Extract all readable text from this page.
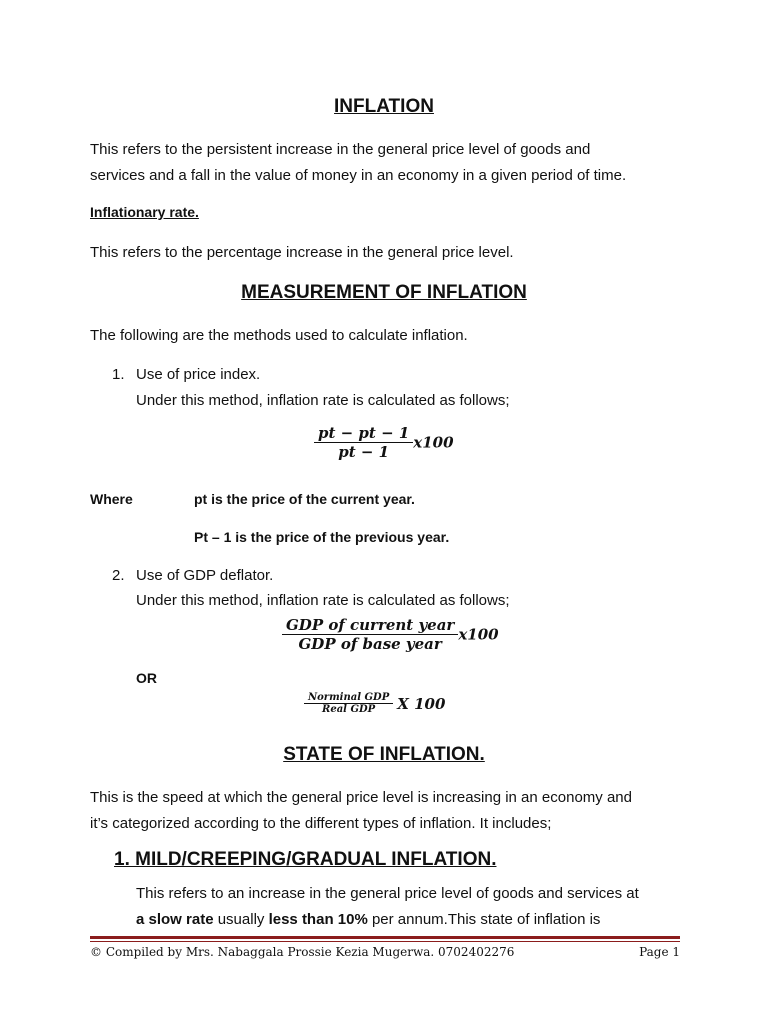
INFLATION
This refers to the persistent increase in the general price level of goods and
services and a fall in the value of money in an economy in a given period of time.
Inflationary rate.
This refers to the percentage increase in the general price level.
MEASUREMENT OF INFLATION
The following are the methods used to calculate inflation.
1. Use of price index.
Under this method, inflation rate is calculated as follows;
$\frac{pt - pt - 1}{pt - 1} x100$
Where	pt is the price of the current year.
Pt – 1 is the price of the previous year.
2. Use of GDP deflator.
Under this method, inflation rate is calculated as follows;
$\frac{\text{GDP of current year}}{\text{GDP of base year}} x100$
OR
$\frac{\text{Norminal GDP}}{\text{Real GDP}}$ X 100
STATE OF INFLATION.
This is the speed at which the general price level is increasing in an economy and
it’s categorized according to the different types of inflation. It includes;
1. MILD/CREEPING/GRADUAL INFLATION.
This refers to an increase in the general price level of goods and services at
a slow rate usually less than 10% per annum.This state of inflation is
© Compiled by Mrs. Nabaggala Prossie Kezia Mugerwa. 0702402276	Page 1
